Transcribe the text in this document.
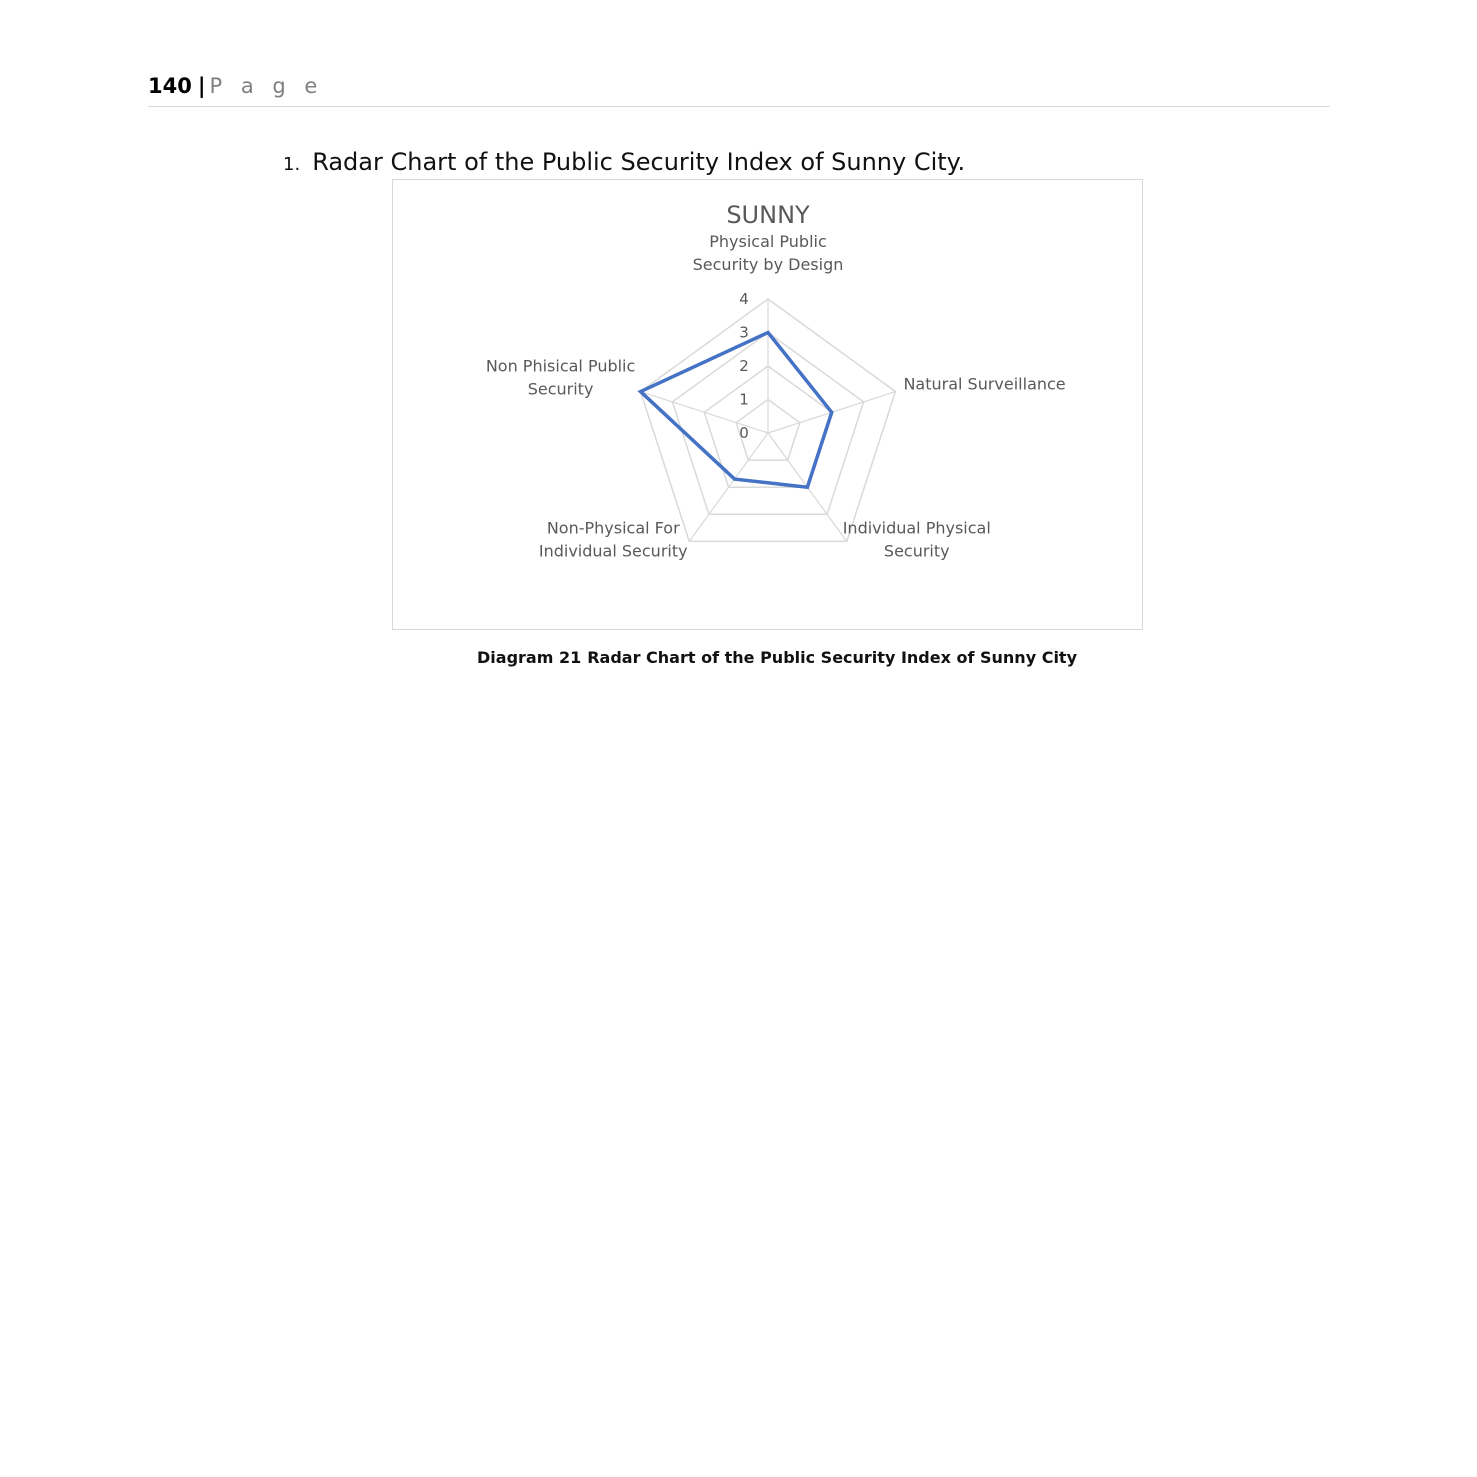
140 | P a g e
1. Radar Chart of the Public Security Index of Sunny City.
SUNNY
0
1
2
3
4
Physical Public Security by Design
Natural Surveillance
Individual Physical Security
Non-Physical For Individual Security
Non Phisical Public Security
Diagram 21 Radar Chart of the Public Security Index of Sunny City
